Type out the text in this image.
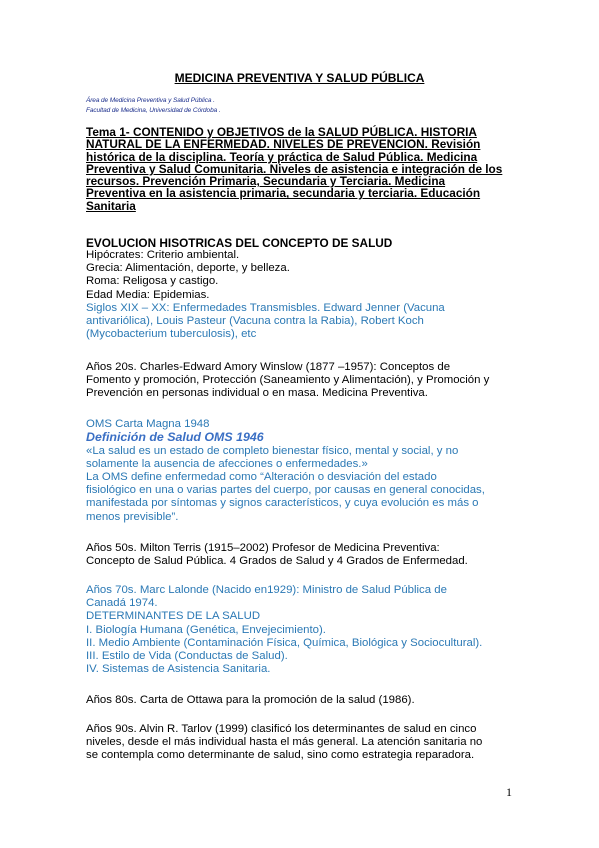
MEDICINA PREVENTIVA Y SALUD PÚBLICA
Área de Medicina Preventiva y Salud Pública .
Facultad de Medicina, Universidad de Córdoba .
Tema 1- CONTENIDO y OBJETIVOS de la SALUD PÚBLICA. HISTORIA
NATURAL DE LA ENFERMEDAD. NIVELES DE PREVENCION. Revisión
histórica de la disciplina. Teoría y práctica de Salud Pública. Medicina
Preventiva y Salud Comunitaria. Niveles de asistencia e integración de los
recursos. Prevención Primaria, Secundaria y Terciaria. Medicina
Preventiva en la asistencia primaria, secundaria y terciaria. Educación
Sanitaria
EVOLUCION HISOTRICAS DEL CONCEPTO DE SALUD
Hipócrates: Criterio ambiental.
Grecia: Alimentación, deporte, y belleza.
Roma: Religosa y castigo.
Edad Media: Epidemias.
Siglos XIX – XX: Enfermedades Transmisbles. Edward Jenner (Vacuna
antivariólica), Louis Pasteur (Vacuna contra la Rabia), Robert Koch
(Mycobacterium tuberculosis), etc
Años 20s. Charles-Edward Amory Winslow (1877 –1957): Conceptos de
Fomento y promoción, Protección (Saneamiento y Alimentación), y Promoción y
Prevención en personas individual o en masa. Medicina Preventiva.
OMS Carta Magna 1948
Definición de Salud OMS 1946
«La salud es un estado de completo bienestar físico, mental y social, y no
solamente la ausencia de afecciones o enfermedades.»
La OMS define enfermedad como “Alteración o desviación del estado
fisiológico en una o varias partes del cuerpo, por causas en general conocidas,
manifestada por síntomas y signos característicos, y cuya evolución es más o
menos previsible”.
Años 50s. Milton Terris (1915–2002) Profesor de Medicina Preventiva:
Concepto de Salud Pública. 4 Grados de Salud y 4 Grados de Enfermedad.
Años 70s. Marc Lalonde (Nacido en1929): Ministro de Salud Pública de
Canadá 1974.
DETERMINANTES DE LA SALUD
I. Biología Humana (Genética, Envejecimiento).
II. Medio Ambiente (Contaminación Física, Química, Biológica y Sociocultural).
III. Estilo de Vida (Conductas de Salud).
IV. Sistemas de Asistencia Sanitaria.
Años 80s. Carta de Ottawa para la promoción de la salud (1986).
Años 90s. Alvin R. Tarlov (1999) clasificó los determinantes de salud en cinco
niveles, desde el más individual hasta el más general. La atención sanitaria no
se contempla como determinante de salud, sino como estrategia reparadora.
1
